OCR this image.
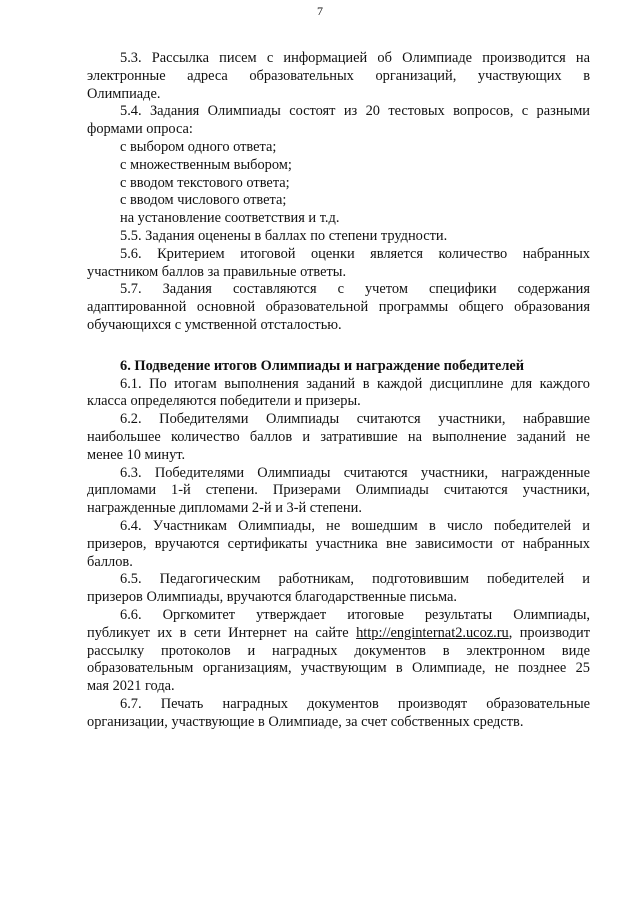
7

5.3. Рассылка писем с информацией об Олимпиаде производится на

электронные адреса образовательных организаций, участвующих в

Олимпиаде.

5.4. Задания Олимпиады состоят из 20 тестовых вопросов, с разными

формами опроса:

с выбором одного ответа;

с множественным выбором;

с вводом текстового ответа;

с вводом числового ответа;

на установление соответствия и т.д.

5.5. Задания оценены в баллах по степени трудности.

5.6. Критерием итоговой оценки является количество набранных

участником баллов за правильные ответы.

5.7. Задания составляются с учетом специфики содержания

адаптированной основной образовательной программы общего образования

обучающихся с умственной отсталостью.

6. Подведение итогов Олимпиады и награждение победителей

6.1. По итогам выполнения заданий в каждой дисциплине для каждого

класса определяются победители и призеры.

6.2. Победителями Олимпиады считаются участники, набравшие

наибольшее количество баллов и затратившие на выполнение заданий не

менее 10 минут.

6.3. Победителями Олимпиады считаются участники, награжденные

дипломами 1-й степени. Призерами Олимпиады считаются участники,

награжденные дипломами 2-й и 3-й степени.

6.4. Участникам Олимпиады, не вошедшим в число победителей и

призеров, вручаются сертификаты участника вне зависимости от набранных

баллов.

6.5. Педагогическим работникам, подготовившим победителей и

призеров Олимпиады, вручаются благодарственные письма.

6.6. Оргкомитет утверждает итоговые результаты Олимпиады,

публикует их в сети Интернет на сайте http://enginternat2.ucoz.ru, производит

рассылку протоколов и наградных документов в электронном виде

образовательным организациям, участвующим в Олимпиаде, не позднее 25

мая 2021 года.

6.7. Печать наградных документов производят образовательные

организации, участвующие в Олимпиаде, за счет собственных средств.
